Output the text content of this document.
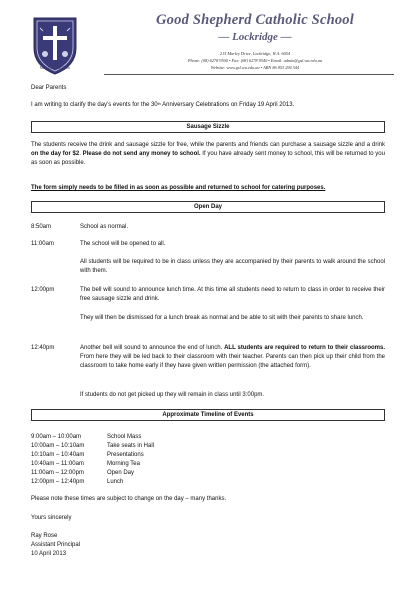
Most Life, Our Spirit
Good Shepherd Catholic School
— Lockridge —
215 Morley Drive, Lockridge, W.A. 6054
Phone: (08) 6278 9500 • Fax: (08) 6278 9540 • Email: admin@gsl.wa.edu.au
Website: www.gsl.wa.edu.au • ABN 86 853 294 544
Dear Parents
I am writing to clarify the day’s events for the 30th Anniversary Celebrations on Friday 19 April 2013.
Sausage Sizzle
The students receive the drink and sausage sizzle for free, while the parents and friends can purchase a sausage sizzle and a drink on the day for $2. Please do not send any money to school. If you have already sent money to school, this will be returned to you as soon as possible.
The form simply needs to be filled in as soon as possible and returned to school for catering purposes.
Open Day
8:50am	School as normal.
11:00am	The school will be opened to all.
All students will be required to be in class unless they are accompanied by their parents to walk around the school with them.
12:00pm	The bell will sound to announce lunch time. At this time all students need to return to class in order to receive their free sausage sizzle and drink.
They will then be dismissed for a lunch break as normal and be able to sit with their parents to share lunch.
12:40pm	Another bell will sound to announce the end of lunch. ALL students are required to return to their classrooms. From here they will be led back to their classroom with their teacher. Parents can then pick up their child from the classroom to take home early if they have given written permission (the attached form).
If students do not get picked up they will remain in class until 3:00pm.
Approximate Timeline of Events
9:00am – 10:00am	School Mass
10:00am – 10:10am	Take seats in Hall
10:10am – 10:40am	Presentations
10:40am – 11:00am	Morning Tea
11:00am – 12:00pm	Open Day
12:00pm – 12:40pm	Lunch
Please note these times are subject to change on the day – many thanks.
Yours sincerely
Ray Rose
Assistant Principal
10 April 2013
